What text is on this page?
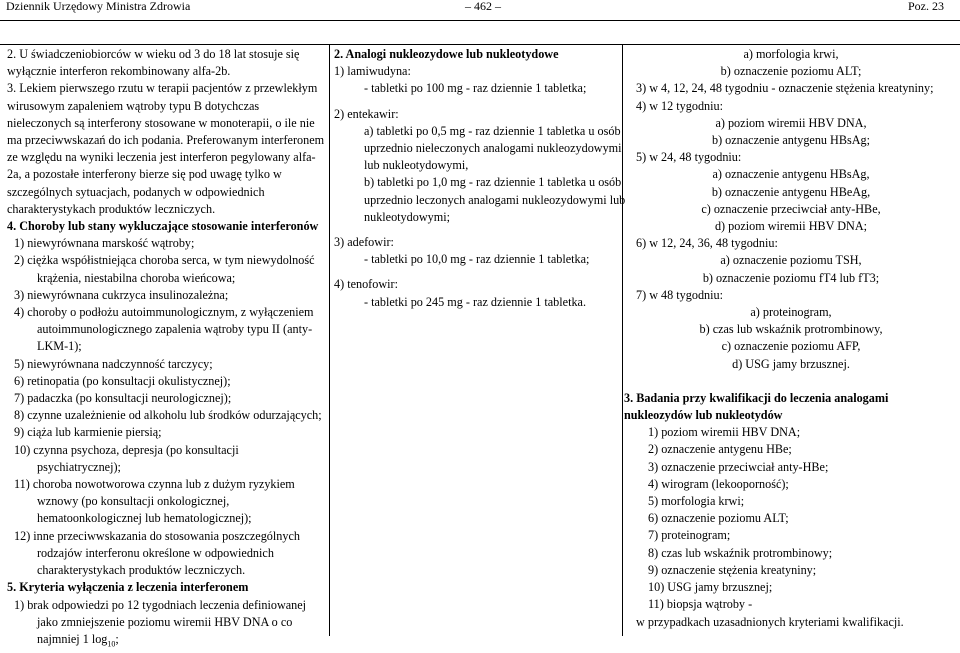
Dziennik Urzędowy Ministra Zdrowia	– 462 –	Poz. 23

2. U świadczeniobiorców w wieku od 3 do 18 lat stosuje się wyłącznie interferon rekombinowany alfa-2b.

3. Lekiem pierwszego rzutu w terapii pacjentów z przewlekłym wirusowym zapaleniem wątroby typu B dotychczas nieleczonych są interferony stosowane w monoterapii, o ile nie ma przeciwwskazań do ich podania. Preferowanym interferonem ze względu na wyniki leczenia jest interferon pegylowany alfa-2a, a pozostałe interferony bierze się pod uwagę tylko w szczególnych sytuacjach, podanych w odpowiednich charakterystykach produktów leczniczych.

4. Choroby lub stany wykluczające stosowanie interferonów

1) niewyrównana marskość wątroby;

2) ciężka współistniejąca choroba serca, w tym niewydolność krążenia, niestabilna choroba wieńcowa;

3) niewyrównana cukrzyca insulinozależna;

4) choroby o podłożu autoimmunologicznym, z wyłączeniem autoimmunologicznego zapalenia wątroby typu II (anty-LKM-1);

5) niewyrównana nadczynność tarczycy;

6) retinopatia (po konsultacji okulistycznej);

7) padaczka (po konsultacji neurologicznej);

8) czynne uzależnienie od alkoholu lub środków odurzających;

9) ciąża lub karmienie piersią;

10) czynna psychoza, depresja (po konsultacji psychiatrycznej);

11) choroba nowotworowa czynna lub z dużym ryzykiem wznowy (po konsultacji onkologicznej, hematoonkologicznej lub hematologicznej);

12) inne przeciwwskazania do stosowania poszczególnych rodzajów interferonu określone w odpowiednich charakterystykach produktów leczniczych.

5. Kryteria wyłączenia z leczenia interferonem

1) brak odpowiedzi po 12 tygodniach leczenia definiowanej jako zmniejszenie poziomu wiremii HBV DNA o co najmniej 1 $\log_{10}$;

2. Analogi nukleozydowe lub nukleotydowe

1) lamiwudyna:

- tabletki po 100 mg - raz dziennie 1 tabletka;

2) entekawir:

a) tabletki po 0,5 mg - raz dziennie 1 tabletka u osób uprzednio nieleczonych analogami nukleozydowymi lub nukleotydowymi,

b) tabletki po 1,0 mg - raz dziennie 1 tabletka u osób uprzednio leczonych analogami nukleozydowymi lub nukleotydowymi;

3) adefowir:

- tabletki po 10,0 mg - raz dziennie 1 tabletka;

4) tenofowir:

- tabletki po 245 mg - raz dziennie 1 tabletka.

a) morfologia krwi,

b) oznaczenie poziomu ALT;

3) w 4, 12, 24, 48 tygodniu - oznaczenie stężenia kreatyniny;

4) w 12 tygodniu:

a) poziom wiremii HBV DNA,

b) oznaczenie antygenu HBsAg;

5) w 24, 48 tygodniu:

a) oznaczenie antygenu HBsAg,

b) oznaczenie antygenu HBeAg,

c) oznaczenie przeciwciał anty-HBe,

d) poziom wiremii HBV DNA;

6) w 12, 24, 36, 48 tygodniu:

a) oznaczenie poziomu TSH,

b) oznaczenie poziomu fT4 lub fT3;

7) w 48 tygodniu:

a) proteinogram,

b) czas lub wskaźnik protrombinowy,

c) oznaczenie poziomu AFP,

d) USG jamy brzusznej.

3. Badania przy kwalifikacji do leczenia analogami nukleozydów lub nukleotydów

1) poziom wiremii HBV DNA;

2) oznaczenie antygenu HBe;

3) oznaczenie przeciwciał anty-HBe;

4) wirogram (lekooporność);

5) morfologia krwi;

6) oznaczenie poziomu ALT;

7) proteinogram;

8) czas lub wskaźnik protrombinowy;

9) oznaczenie stężenia kreatyniny;

10) USG jamy brzusznej;

11) biopsja wątroby -

w przypadkach uzasadnionych kryteriami kwalifikacji.
